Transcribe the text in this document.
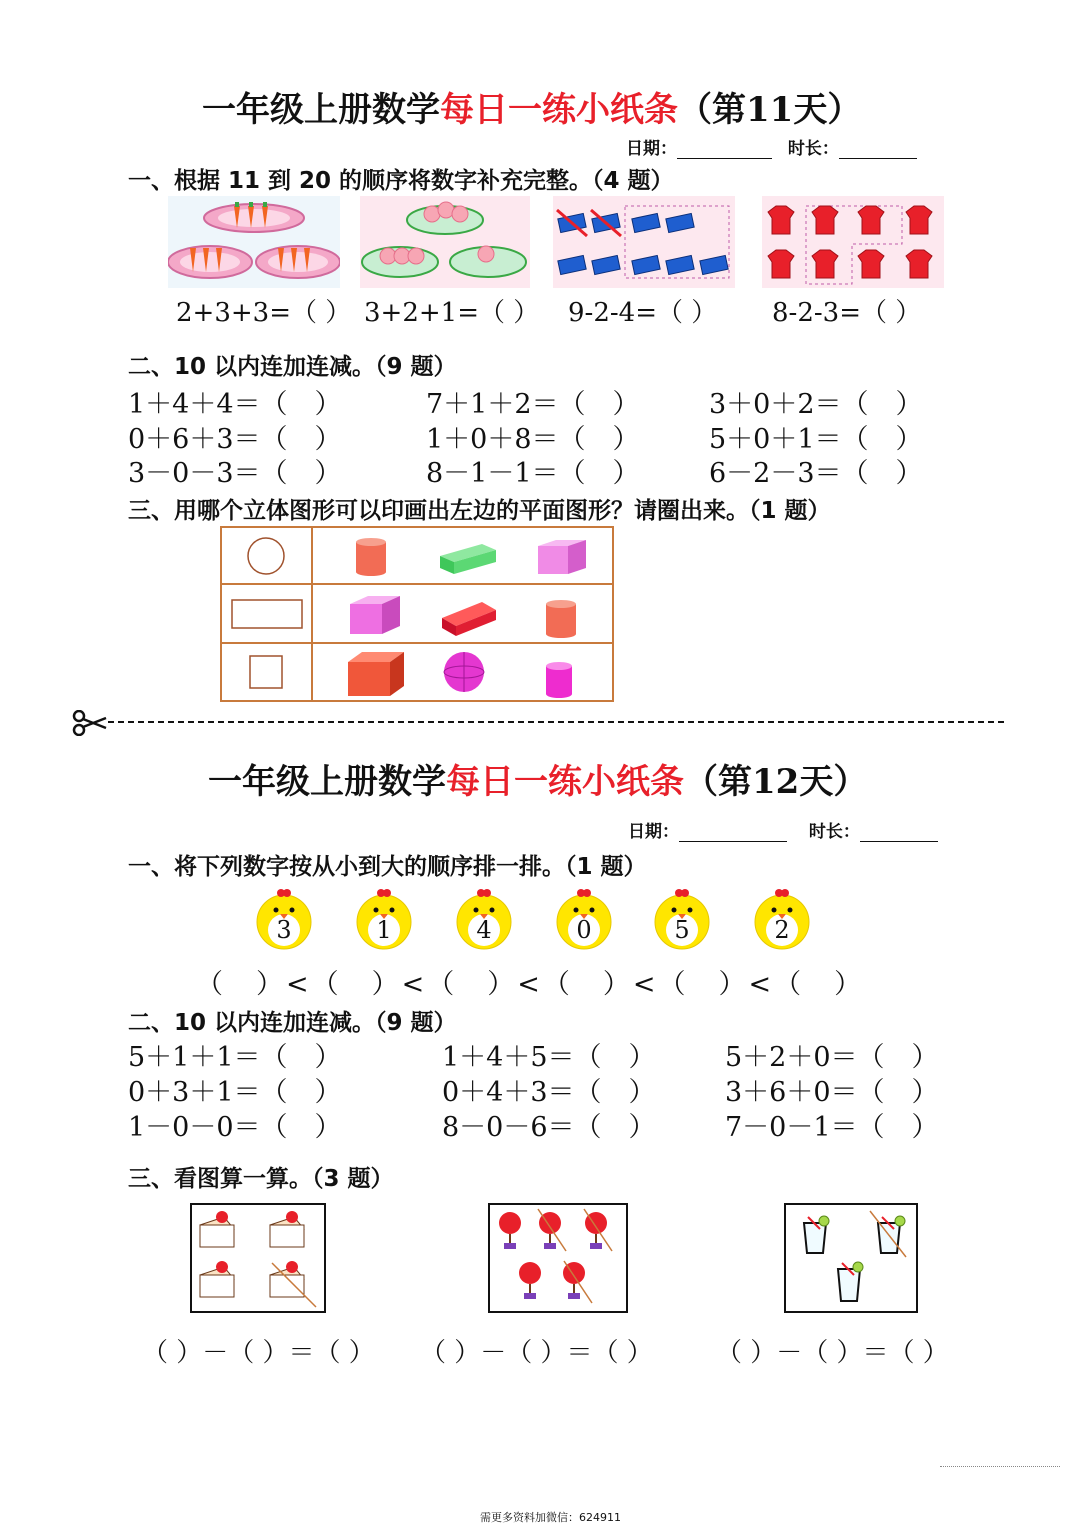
一年级上册数学每日一练小纸条（第11天）
日期：	时长：
一、根据 11 到 20 的顺序将数字补充完整。（4 题）
2+3+3=（ ） 3+2+1=（ ） 9-2-4=（ ） 8-2-3=（ ）
二、10 以内连加连减。（9 题）
1＋4＋4＝（　）	7＋1＋2＝（　）	3＋0＋2＝（　）
0＋6＋3＝（　）	1＋0＋8＝（　）	5＋0＋1＝（　）
3－0－3＝（　）	8－1－1＝（　）	6－2－3＝（　）
三、用哪个立体图形可以印画出左边的平面图形？请圈出来。（1 题）
一年级上册数学每日一练小纸条（第12天）
日期：	时长：
一、将下列数字按从小到大的顺序排一排。（1 题）
3	1	4	0	5	2
（　）<（　）<（　）<（　）<（　）<（　）
二、10 以内连加连减。（9 题）
5＋1＋1＝（　）	1＋4＋5＝（　）	5＋2＋0＝（　）
0＋3＋1＝（　）	0＋4＋3＝（　）	3＋6＋0＝（　）
1－0－0＝（　）	8－0－6＝（　）	7－0－1＝（　）
三、看图算一算。（3 题）
（ ）－（ ）＝（ ） （ ）－（ ）＝（ ） （ ）－（ ）＝（ ）
需更多资料加微信：624911
